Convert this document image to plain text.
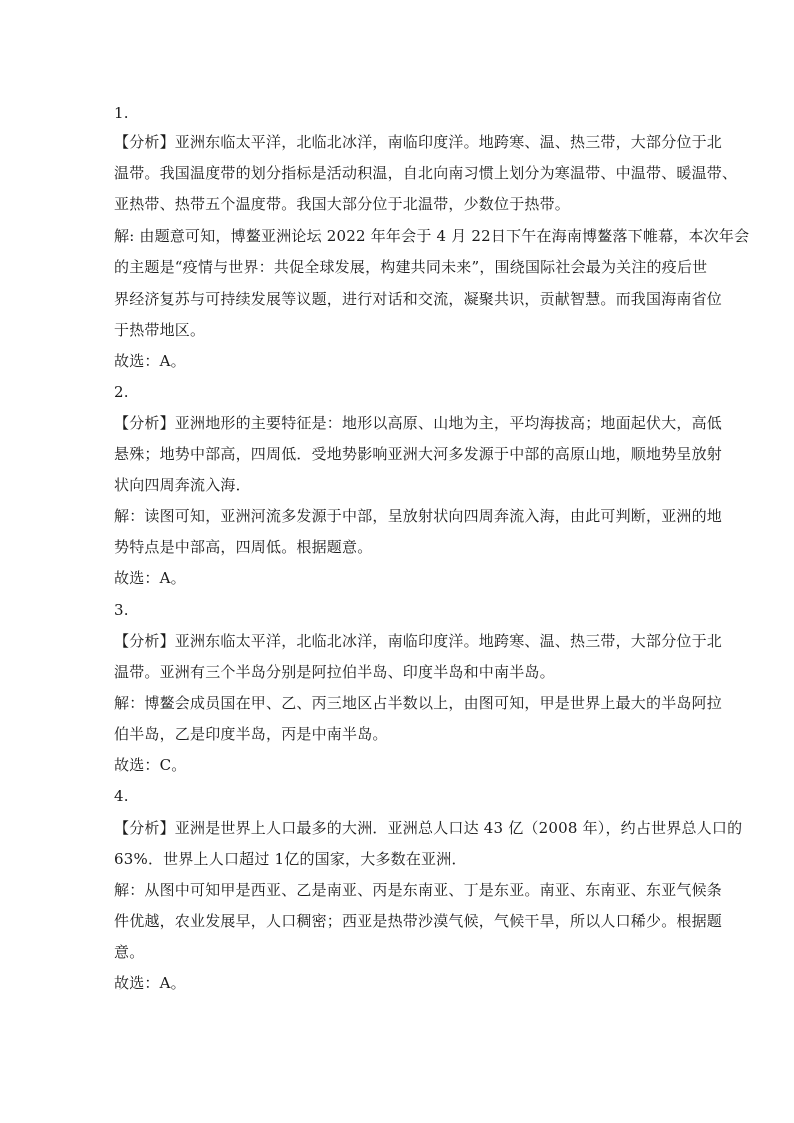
1.
【分析】亚洲东临太平洋，北临北冰洋，南临印度洋。地跨寒、温、热三带，大部分位于北
温带。我国温度带的划分指标是活动积温，自北向南习惯上划分为寒温带、中温带、暖温带、
亚热带、热带五个温度带。我国大部分位于北温带，少数位于热带。
解: 由题意可知，博鳌亚洲论坛 2022 年年会于 4 月 22日下午在海南博鳌落下帷幕，本次年会
的主题是“疫情与世界：共促全球发展，构建共同未来”，围绕国际社会最为关注的疫后世
界经济复苏与可持续发展等议题，进行对话和交流，凝聚共识，贡献智慧。而我国海南省位
于热带地区。
故选：A。
2.
【分析】亚洲地形的主要特征是：地形以高原、山地为主，平均海拔高；地面起伏大，高低
悬殊；地势中部高，四周低．受地势影响亚洲大河多发源于中部的高原山地，顺地势呈放射
状向四周奔流入海．
解：读图可知，亚洲河流多发源于中部，呈放射状向四周奔流入海，由此可判断，亚洲的地
势特点是中部高，四周低。根据题意。
故选：A。
3.
【分析】亚洲东临太平洋，北临北冰洋，南临印度洋。地跨寒、温、热三带，大部分位于北
温带。亚洲有三个半岛分别是阿拉伯半岛、印度半岛和中南半岛。
解：博鳌会成员国在甲、乙、丙三地区占半数以上，由图可知，甲是世界上最大的半岛阿拉
伯半岛，乙是印度半岛，丙是中南半岛。
故选：C。
4.
【分析】亚洲是世界上人口最多的大洲．亚洲总人口达 43 亿（2008 年），约占世界总人口的
63%．世界上人口超过 1亿的国家，大多数在亚洲．
解：从图中可知甲是西亚、乙是南亚、丙是东南亚、丁是东亚。南亚、东南亚、东亚气候条
件优越，农业发展早，人口稠密；西亚是热带沙漠气候，气候干旱，所以人口稀少。根据题
意。
故选：A。
